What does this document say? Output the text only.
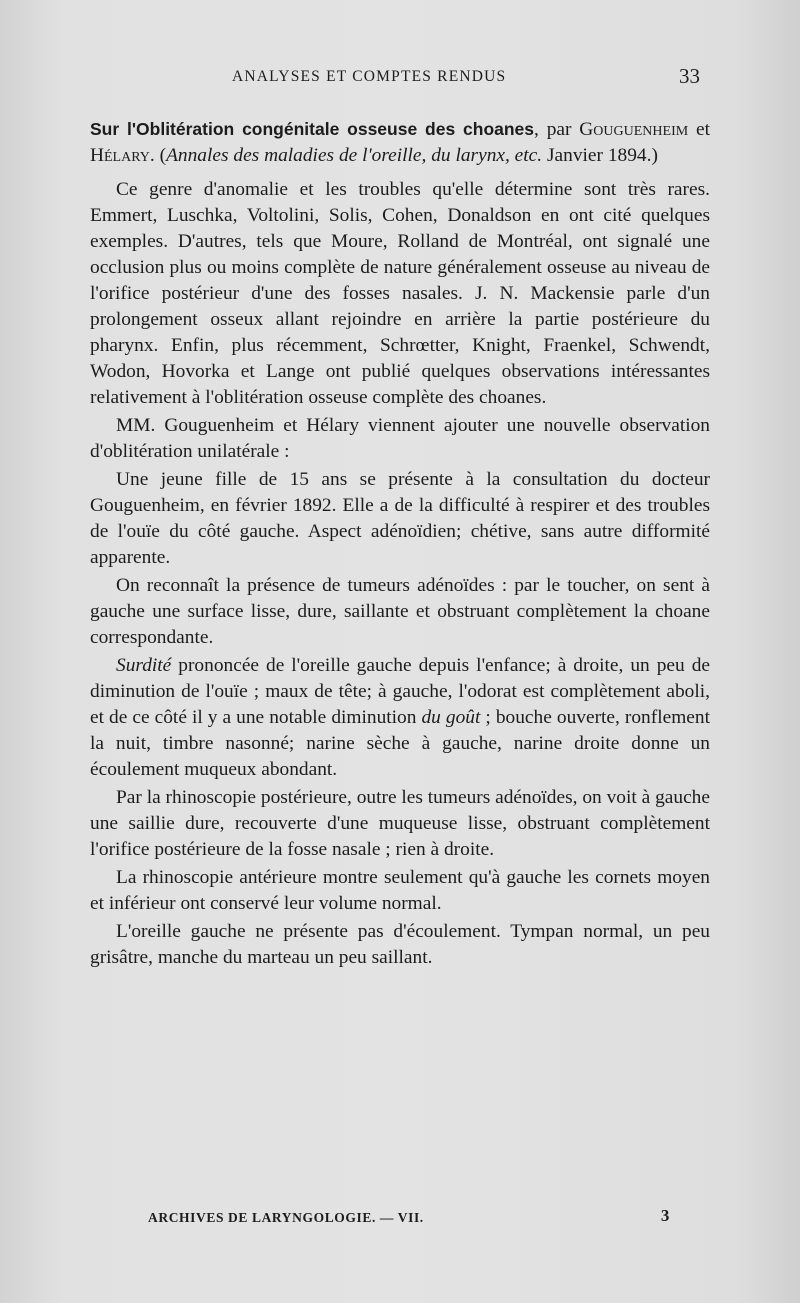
ANALYSES ET COMPTES RENDUS	33

Sur l'Oblitération congénitale osseuse des choanes, par Gouguenheim et Hélary. (Annales des maladies de l'oreille, du larynx, etc. Janvier 1894.)

Ce genre d'anomalie et les troubles qu'elle détermine sont très rares. Emmert, Luschka, Voltolini, Solis, Cohen, Donaldson en ont cité quelques exemples. D'autres, tels que Moure, Rolland de Montréal, ont signalé une occlusion plus ou moins complète de nature généralement osseuse au niveau de l'orifice postérieur d'une des fosses nasales. J. N. Mackensie parle d'un prolongement osseux allant rejoindre en arrière la partie postérieure du pharynx. Enfin, plus récemment, Schrœtter, Knight, Fraenkel, Schwendt, Wodon, Hovorka et Lange ont publié quelques observations intéressantes relativement à l'oblitération osseuse complète des choanes.

MM. Gouguenheim et Hélary viennent ajouter une nouvelle observation d'oblitération unilatérale :

Une jeune fille de 15 ans se présente à la consultation du docteur Gouguenheim, en février 1892. Elle a de la difficulté à respirer et des troubles de l'ouïe du côté gauche. Aspect adénoïdien; chétive, sans autre difformité apparente.

On reconnaît la présence de tumeurs adénoïdes : par le toucher, on sent à gauche une surface lisse, dure, saillante et obstruant complètement la choane correspondante.

Surdité prononcée de l'oreille gauche depuis l'enfance; à droite, un peu de diminution de l'ouïe ; maux de tête; à gauche, l'odorat est complètement aboli, et de ce côté il y a une notable diminution du goût ; bouche ouverte, ronflement la nuit, timbre nasonné; narine sèche à gauche, narine droite donne un écoulement muqueux abondant.

Par la rhinoscopie postérieure, outre les tumeurs adénoïdes, on voit à gauche une saillie dure, recouverte d'une muqueuse lisse, obstruant complètement l'orifice postérieure de la fosse nasale ; rien à droite.

La rhinoscopie antérieure montre seulement qu'à gauche les cornets moyen et inférieur ont conservé leur volume normal.

L'oreille gauche ne présente pas d'écoulement. Tympan normal, un peu grisâtre, manche du marteau un peu saillant.

ARCHIVES DE LARYNGOLOGIE. — VII.	3
